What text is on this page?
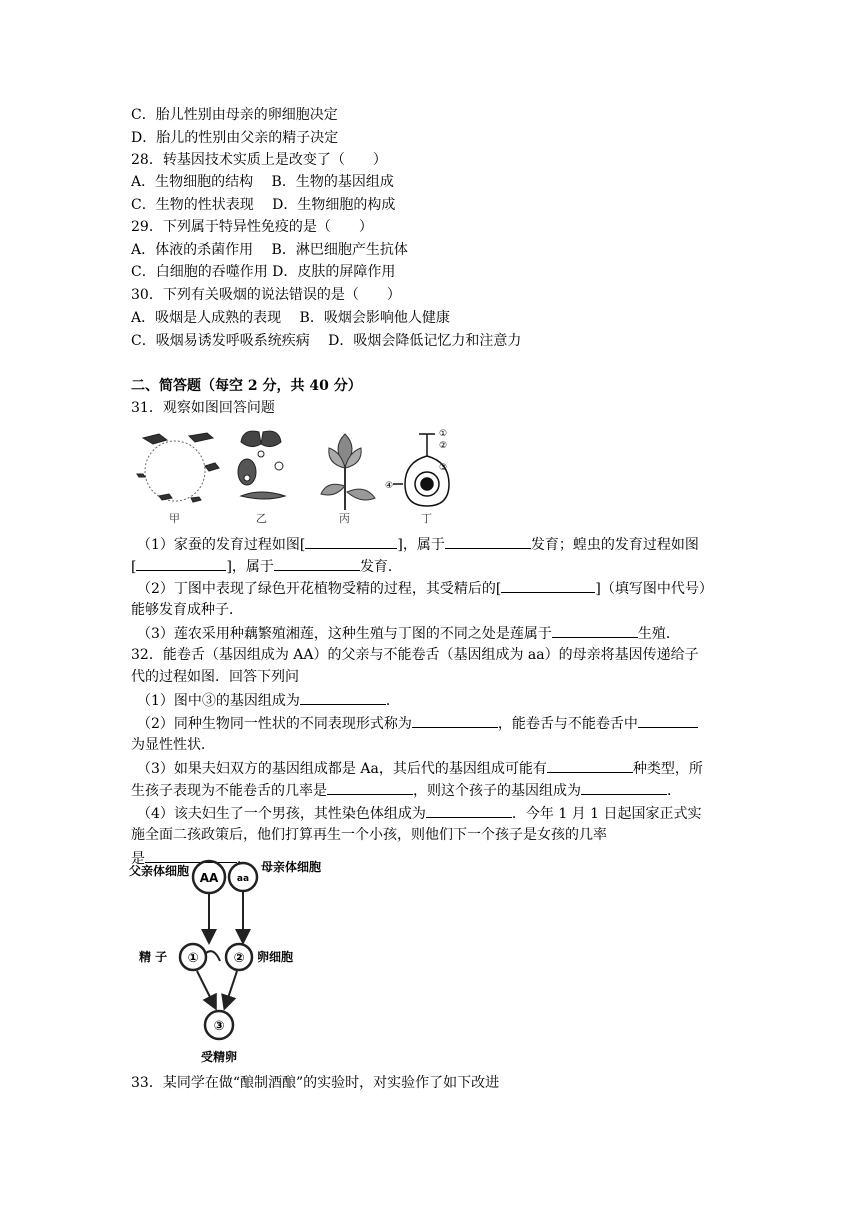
C．胎儿性别由母亲的卵细胞决定
D．胎儿的性别由父亲的精子决定
28．转基因技术实质上是改变了（　　）
A．生物细胞的结构　 B．生物的基因组成
C．生物的性状表现　 D．生物细胞的构成
29．下列属于特异性免疫的是（　　）
A．体液的杀菌作用　 B．淋巴细胞产生抗体
C．白细胞的吞噬作用 D．皮肤的屏障作用
30．下列有关吸烟的说法错误的是（　　）
A．吸烟是人成熟的表现　 B．吸烟会影响他人健康
C．吸烟易诱发呼吸系统疾病　 D．吸烟会降低记忆力和注意力
二、简答题（每空 2 分，共 40 分）
31．观察如图回答问题
①
②
③
④
甲	乙	丙	丁
（1）家蚕的发育过程如图[	]，属于	发育；蝗虫的发育过程如图
[	]，属于	发育．
（2）丁图中表现了绿色开花植物受精的过程，其受精后的[	]（填写图中代号）
能够发育成种子．
（3）莲农采用种藕繁殖湘莲，这种生殖与丁图的不同之处是莲属于	生殖．
32．能卷舌（基因组成为 AA）的父亲与不能卷舌（基因组成为 aa）的母亲将基因传递给子
代的过程如图．回答下列问
（1）图中③的基因组成为	．
（2）同种生物同一性状的不同表现形式称为	，能卷舌与不能卷舌中
为显性性状．
（3）如果夫妇双方的基因组成都是 Aa，其后代的基因组成可能有	种类型，所
生孩子表现为不能卷舌的几率是	，则这个孩子的基因组成为	．
（4）该夫妇生了一个男孩，其性染色体组成为	．今年 1 月 1 日起国家正式实
施全面二孩政策后，他们打算再生一个小孩，则他们下一个孩子是女孩的几率
是	．
父亲体细胞 AA aa
母亲体细胞
精 子 ①	② 卵细胞
③
受精卵
33．某同学在做“酿制酒酿”的实验时，对实验作了如下改进
